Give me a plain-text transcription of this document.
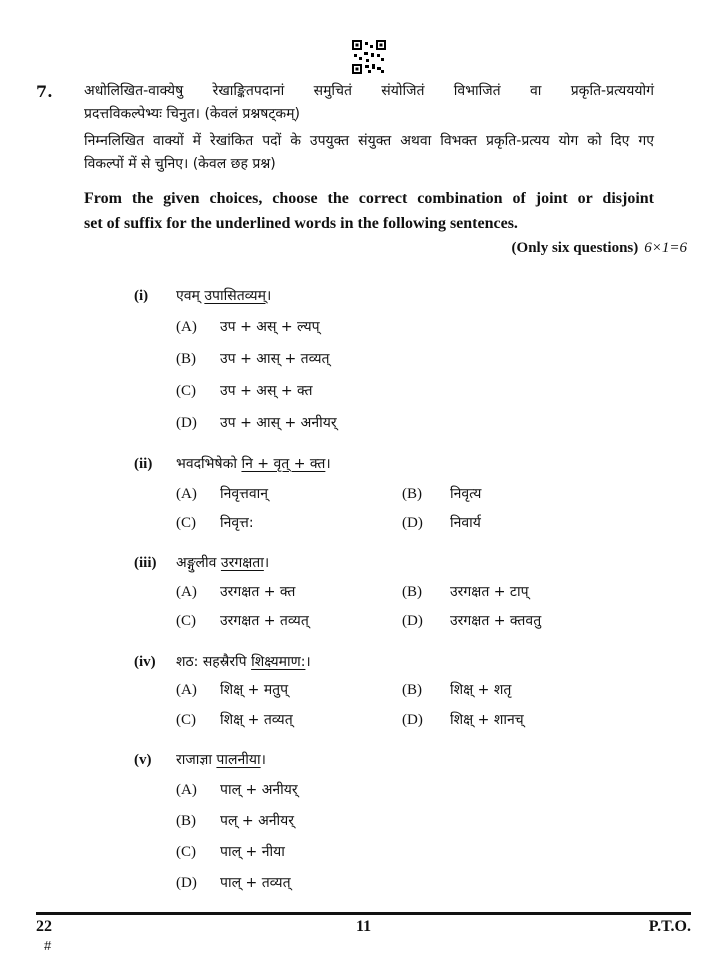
7. अधोलिखित-वाक्येषु रेखाङ्कितपदानां समुचितं संयोजितं विभाजितं वा प्रकृति-प्रत्यययोगं
प्रदत्तविकल्पेभ्यः चिनुत। (केवलं प्रश्नषट्कम्)
निम्नलिखित वाक्यों में रेखांकित पदों के उपयुक्त संयुक्त अथवा विभक्त प्रकृति-प्रत्यय योग को दिए गए
विकल्पों में से चुनिए। (केवल छह प्रश्न)
From the given choices, choose the correct combination of joint or disjoint
set of suffix for the underlined words in the following sentences.
(Only six questions) 6×1=6
(i) एवम् उपासितव्यम्।
(A) उप + अस् + ल्यप्
(B) उप + आस् + तव्यत्
(C) उप + अस् + क्त
(D) उप + आस् + अनीयर्
(ii) भवदभिषेको नि + वृत् + क्त।
(A) निवृत्तवान्	(B) निवृत्य
(C) निवृत्त:	(D) निवार्य
(iii) अङ्गुलीव उरगक्षता।
(A) उरगक्षत + क्त	(B) उरगक्षत + टाप्
(C) उरगक्षत + तव्यत्	(D) उरगक्षत + क्तवतु
(iv) शठ: सहस्रैरपि शिक्ष्यमाण:।
(A) शिक्ष् + मतुप्	(B) शिक्ष् + शतृ
(C) शिक्ष् + तव्यत्	(D) शिक्ष् + शानच्
(v) राजाज्ञा पालनीया।
(A) पाल् + अनीयर्
(B) पल् + अनीयर्
(C) पाल् + नीया
(D) पाल् + तव्यत्
22	11	P.T.O.
#
